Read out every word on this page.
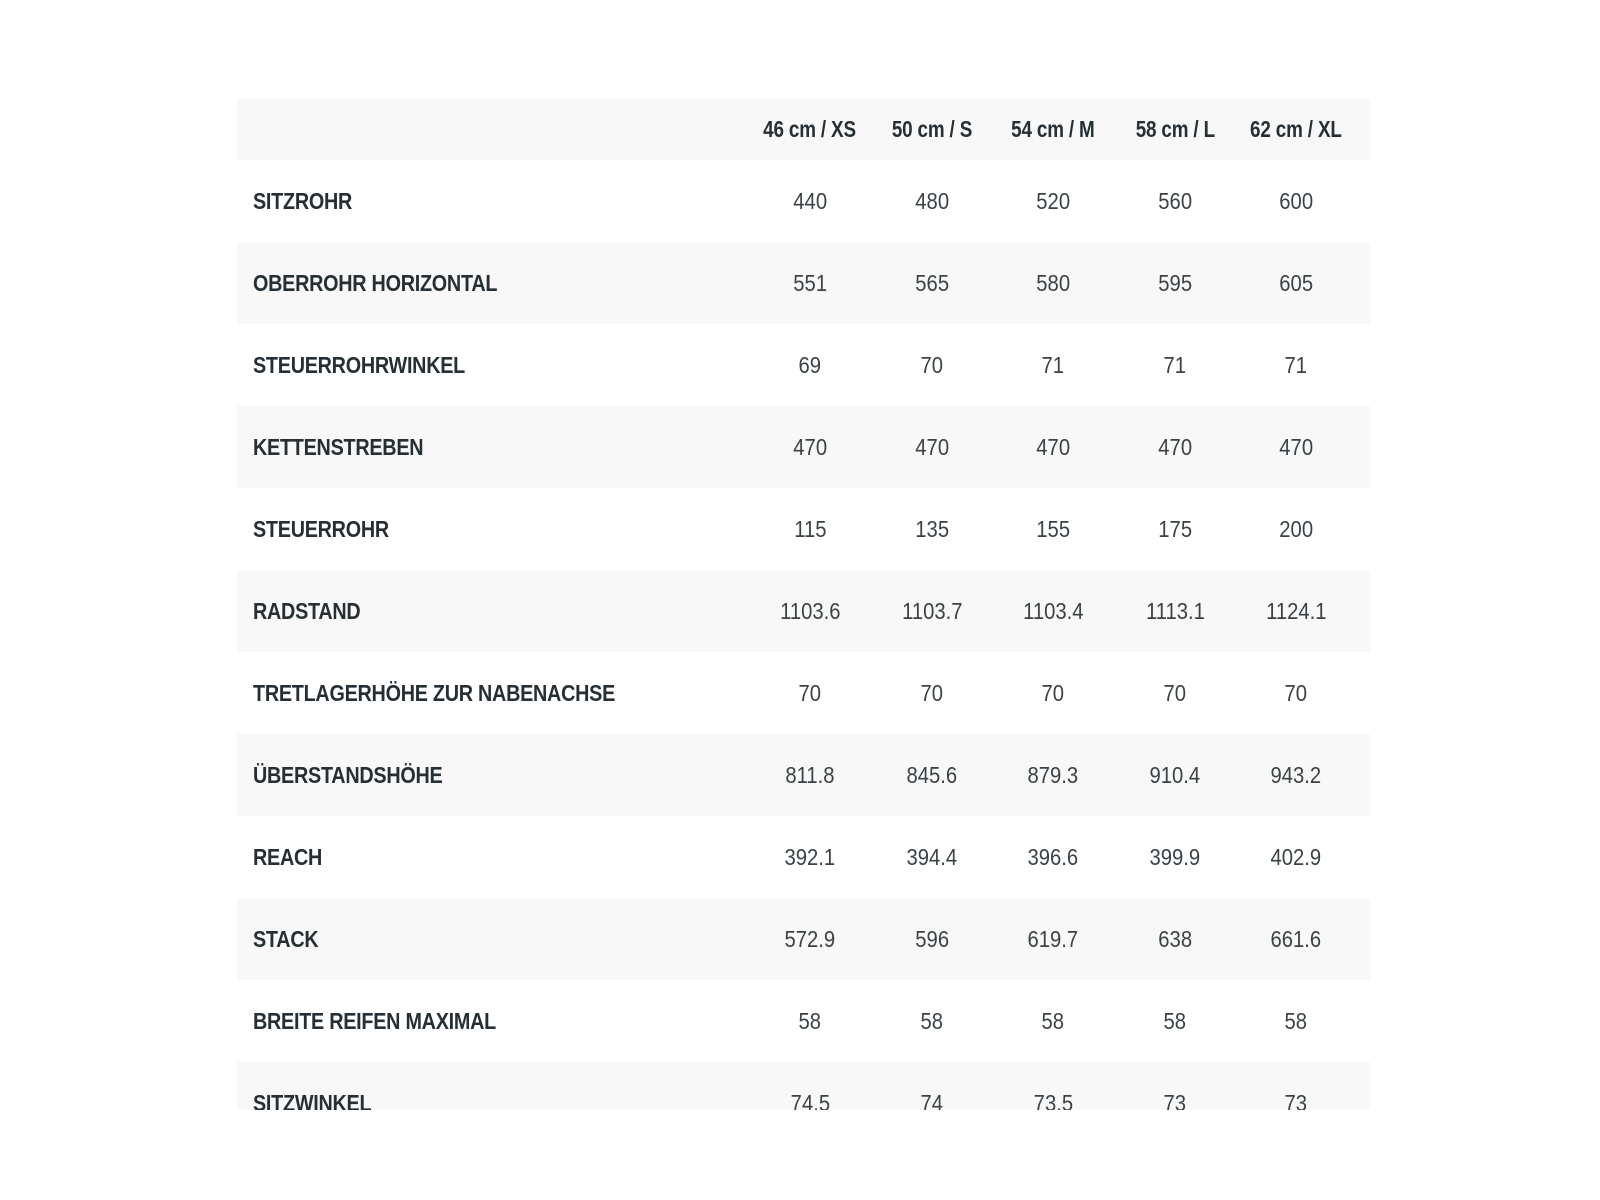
46 cm / XS 50 cm / S 54 cm / M 58 cm / L 62 cm / XL
SITZROHR	440	480	520	560	600
OBERROHR HORIZONTAL	551	565	580	595	605
STEUERROHRWINKEL	69	70	71	71	71
KETTENSTREBEN	470	470	470	470	470
STEUERROHR	115	135	155	175	200
RADSTAND	1103.6	1103.7	1103.4	1113.1	1124.1
TRETLAGERHÖHE ZUR NABENACHSE	70	70	70	70	70
ÜBERSTANDSHÖHE	811.8	845.6	879.3	910.4	943.2
REACH	392.1	394.4	396.6	399.9	402.9
STACK	572.9	596	619.7	638	661.6
BREITE REIFEN MAXIMAL	58	58	58	58	58
SITZWINKEL	74.5	74	73.5	73	73
